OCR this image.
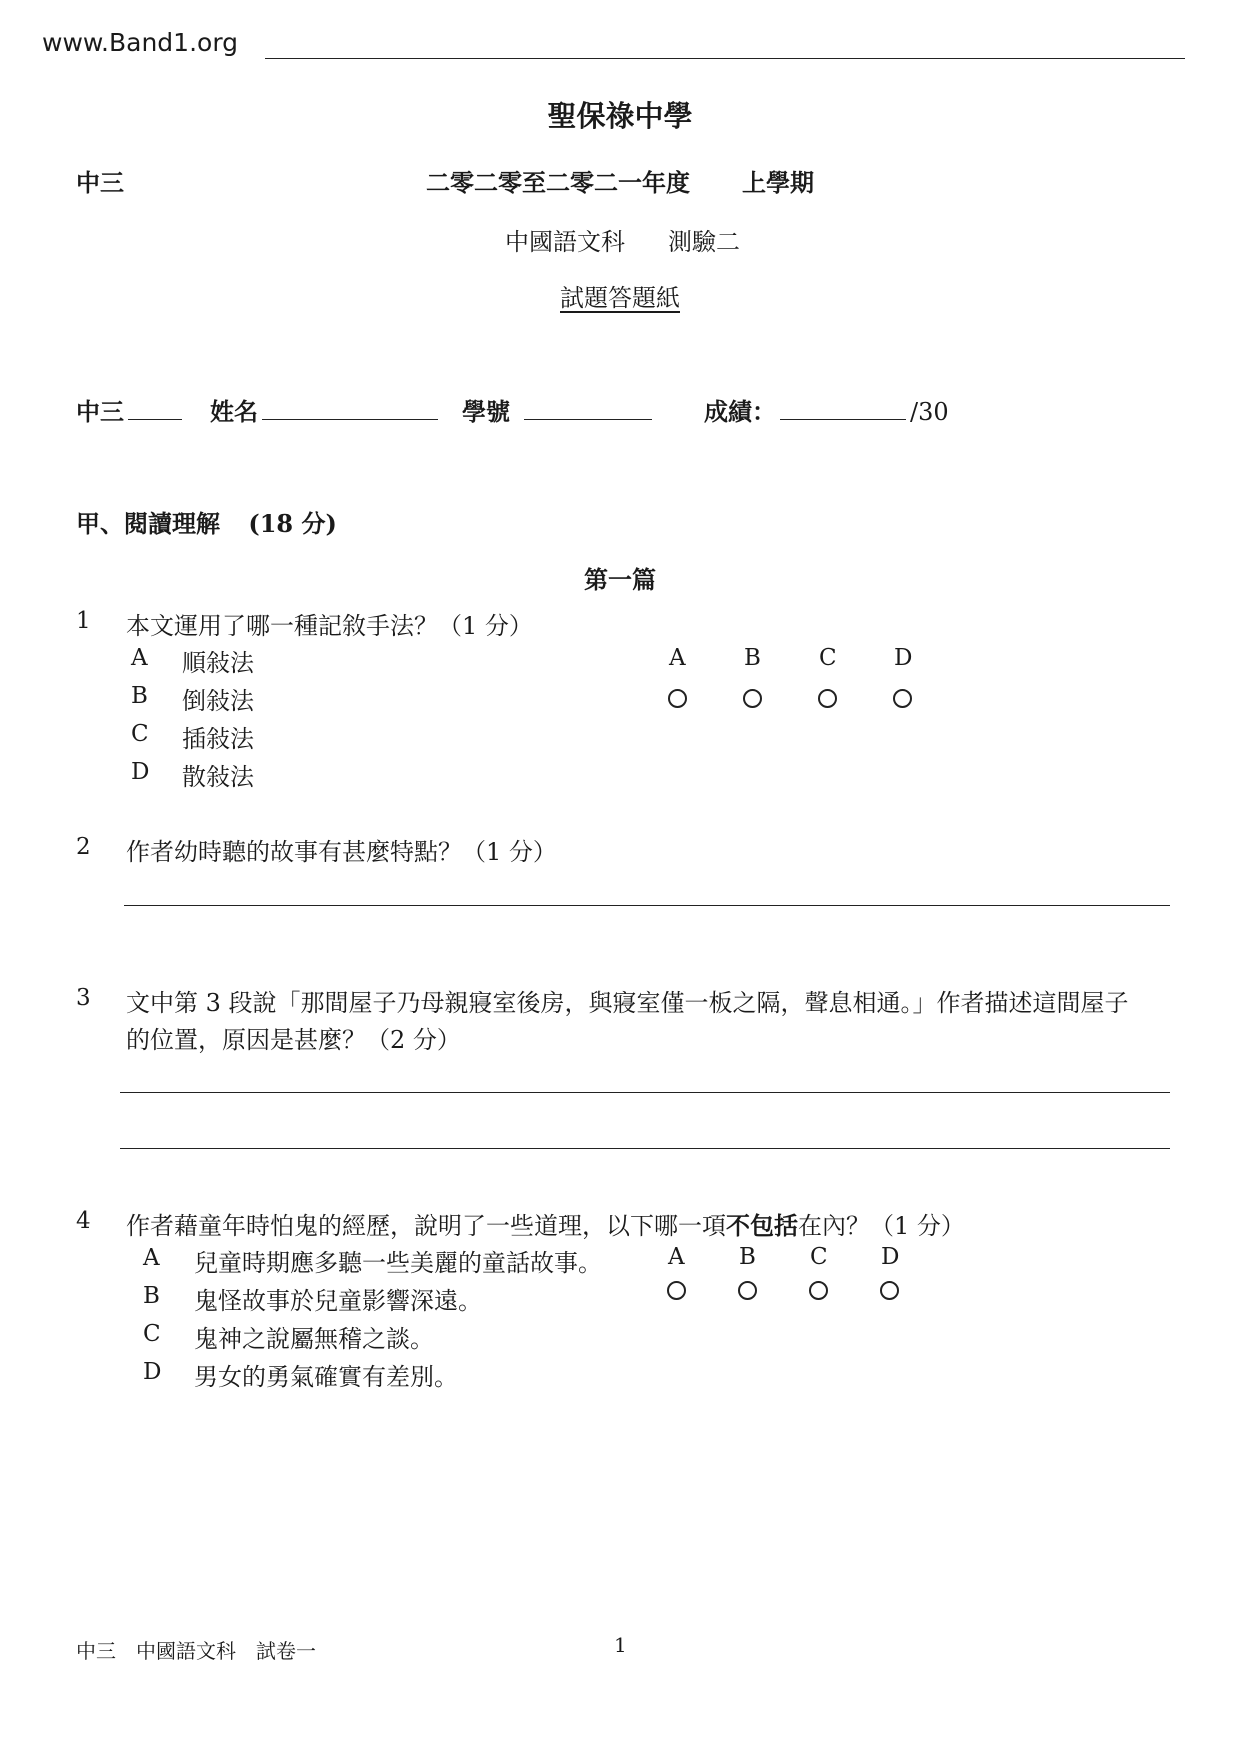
www.Band1.org
聖保祿中學
中三	二零二零至二零二一年度 上學期
中國語文科 測驗二
試題答題紙
中三	姓名	學號	成績：	/30
甲、閱讀理解 (18 分)
第一篇
1 本文運用了哪一種記敘手法？（1 分）
A 順敍法
B 倒敍法
C 插敍法
D 散敍法
A	B	C D
2 作者幼時聽的故事有甚麼特點？（1 分）
3 文中第 3 段說「那間屋子乃母親寢室後房，與寢室僅一板之隔，聲息相通。」作者描述這間屋子
的位置，原因是甚麼？（2 分）
4 作者藉童年時怕鬼的經歷，說明了一些道理，以下哪一項不包括在內？（1 分）
A 兒童時期應多聽一些美麗的童話故事。
B 鬼怪故事於兒童影響深遠。
C 鬼神之說屬無稽之談。
D 男女的勇氣確實有差別。
A B C D
中三　中國語文科　試卷一	1
